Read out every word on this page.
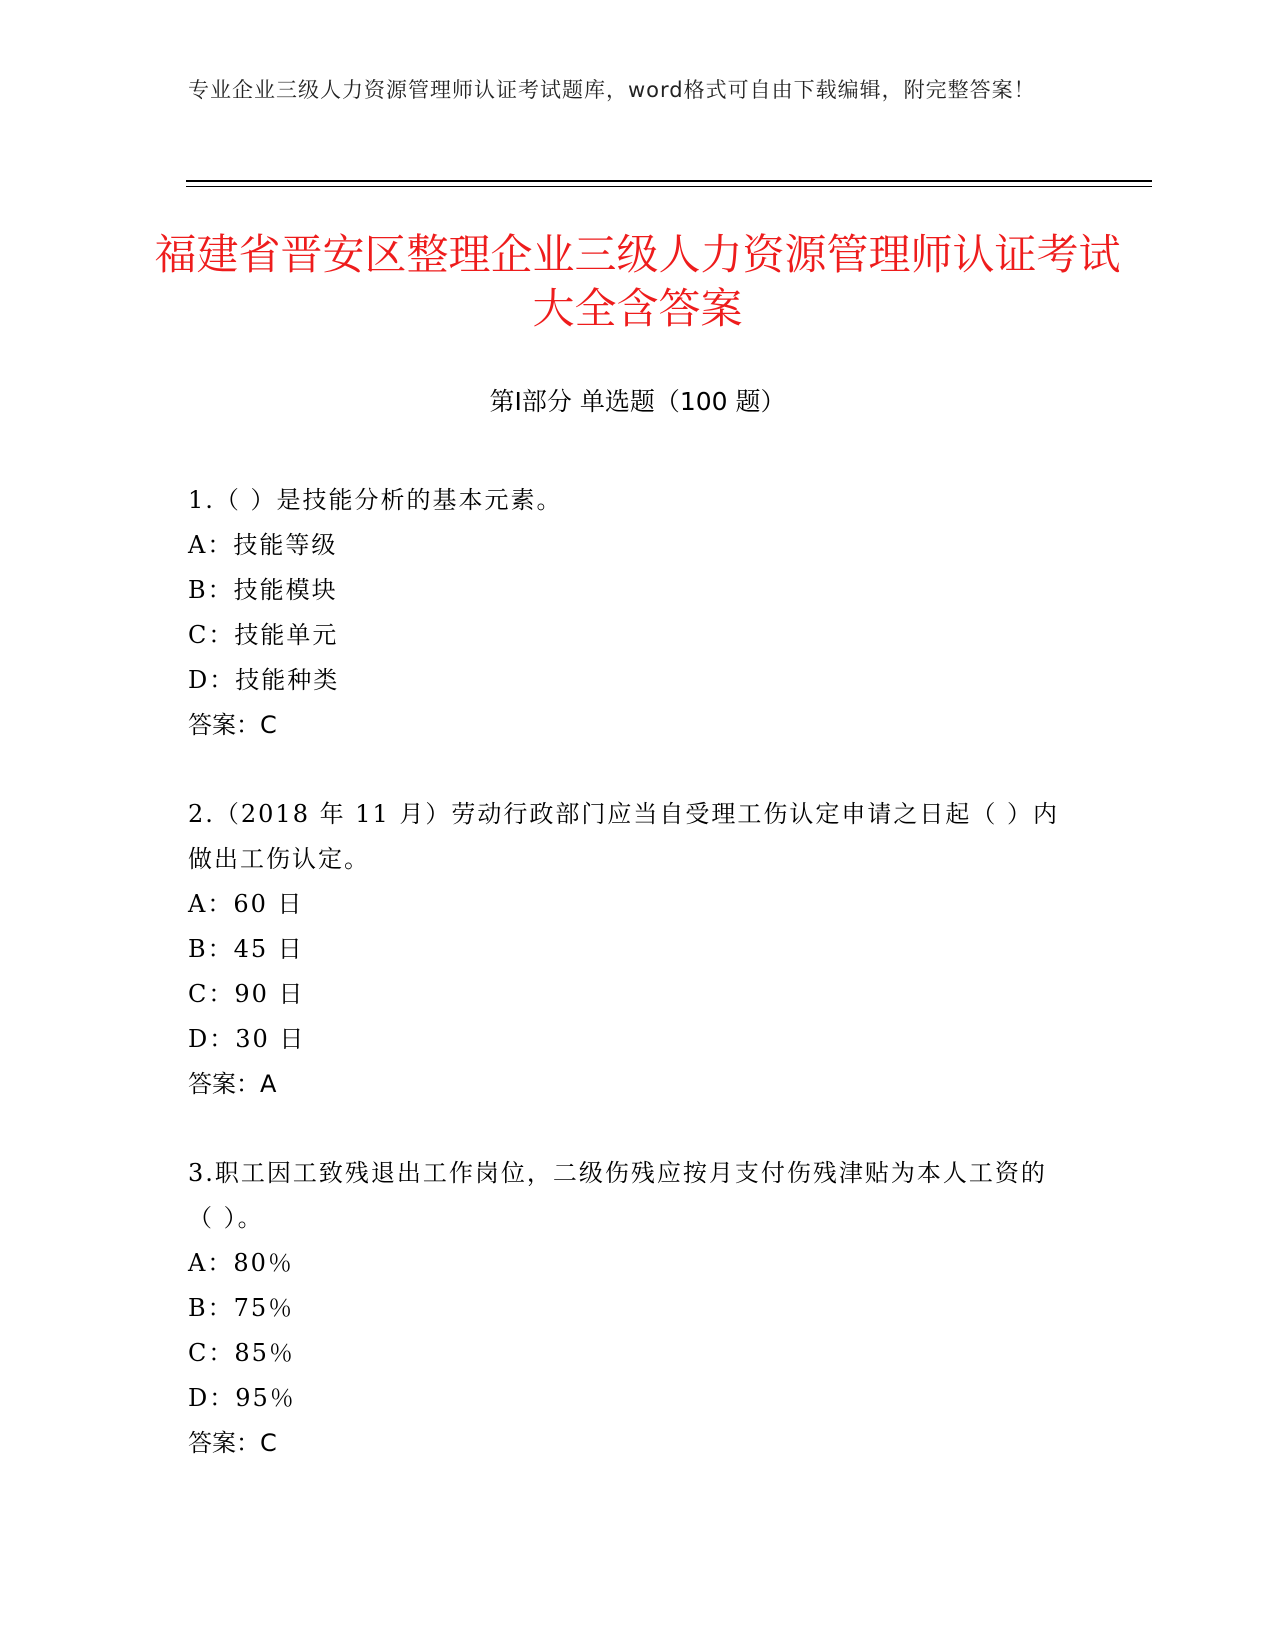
专业企业三级人力资源管理师认证考试题库，word格式可自由下载编辑，附完整答案！
福建省晋安区整理企业三级人力资源管理师认证考试大全含答案
第Ⅰ部分 单选题（100 题）

1.（ ）是技能分析的基本元素。

A：技能等级

B：技能模块

C：技能单元

D：技能种类

答案：C

2.（2018 年 11 月）劳动行政部门应当自受理工伤认定申请之日起（ ）内做出工伤认定。

A：60 日

B：45 日

C：90 日

D：30 日

答案：A

3.职工因工致残退出工作岗位，二级伤残应按月支付伤残津贴为本人工资的（ ）。

A：80％

B：75％

C：85％

D：95％

答案：C
